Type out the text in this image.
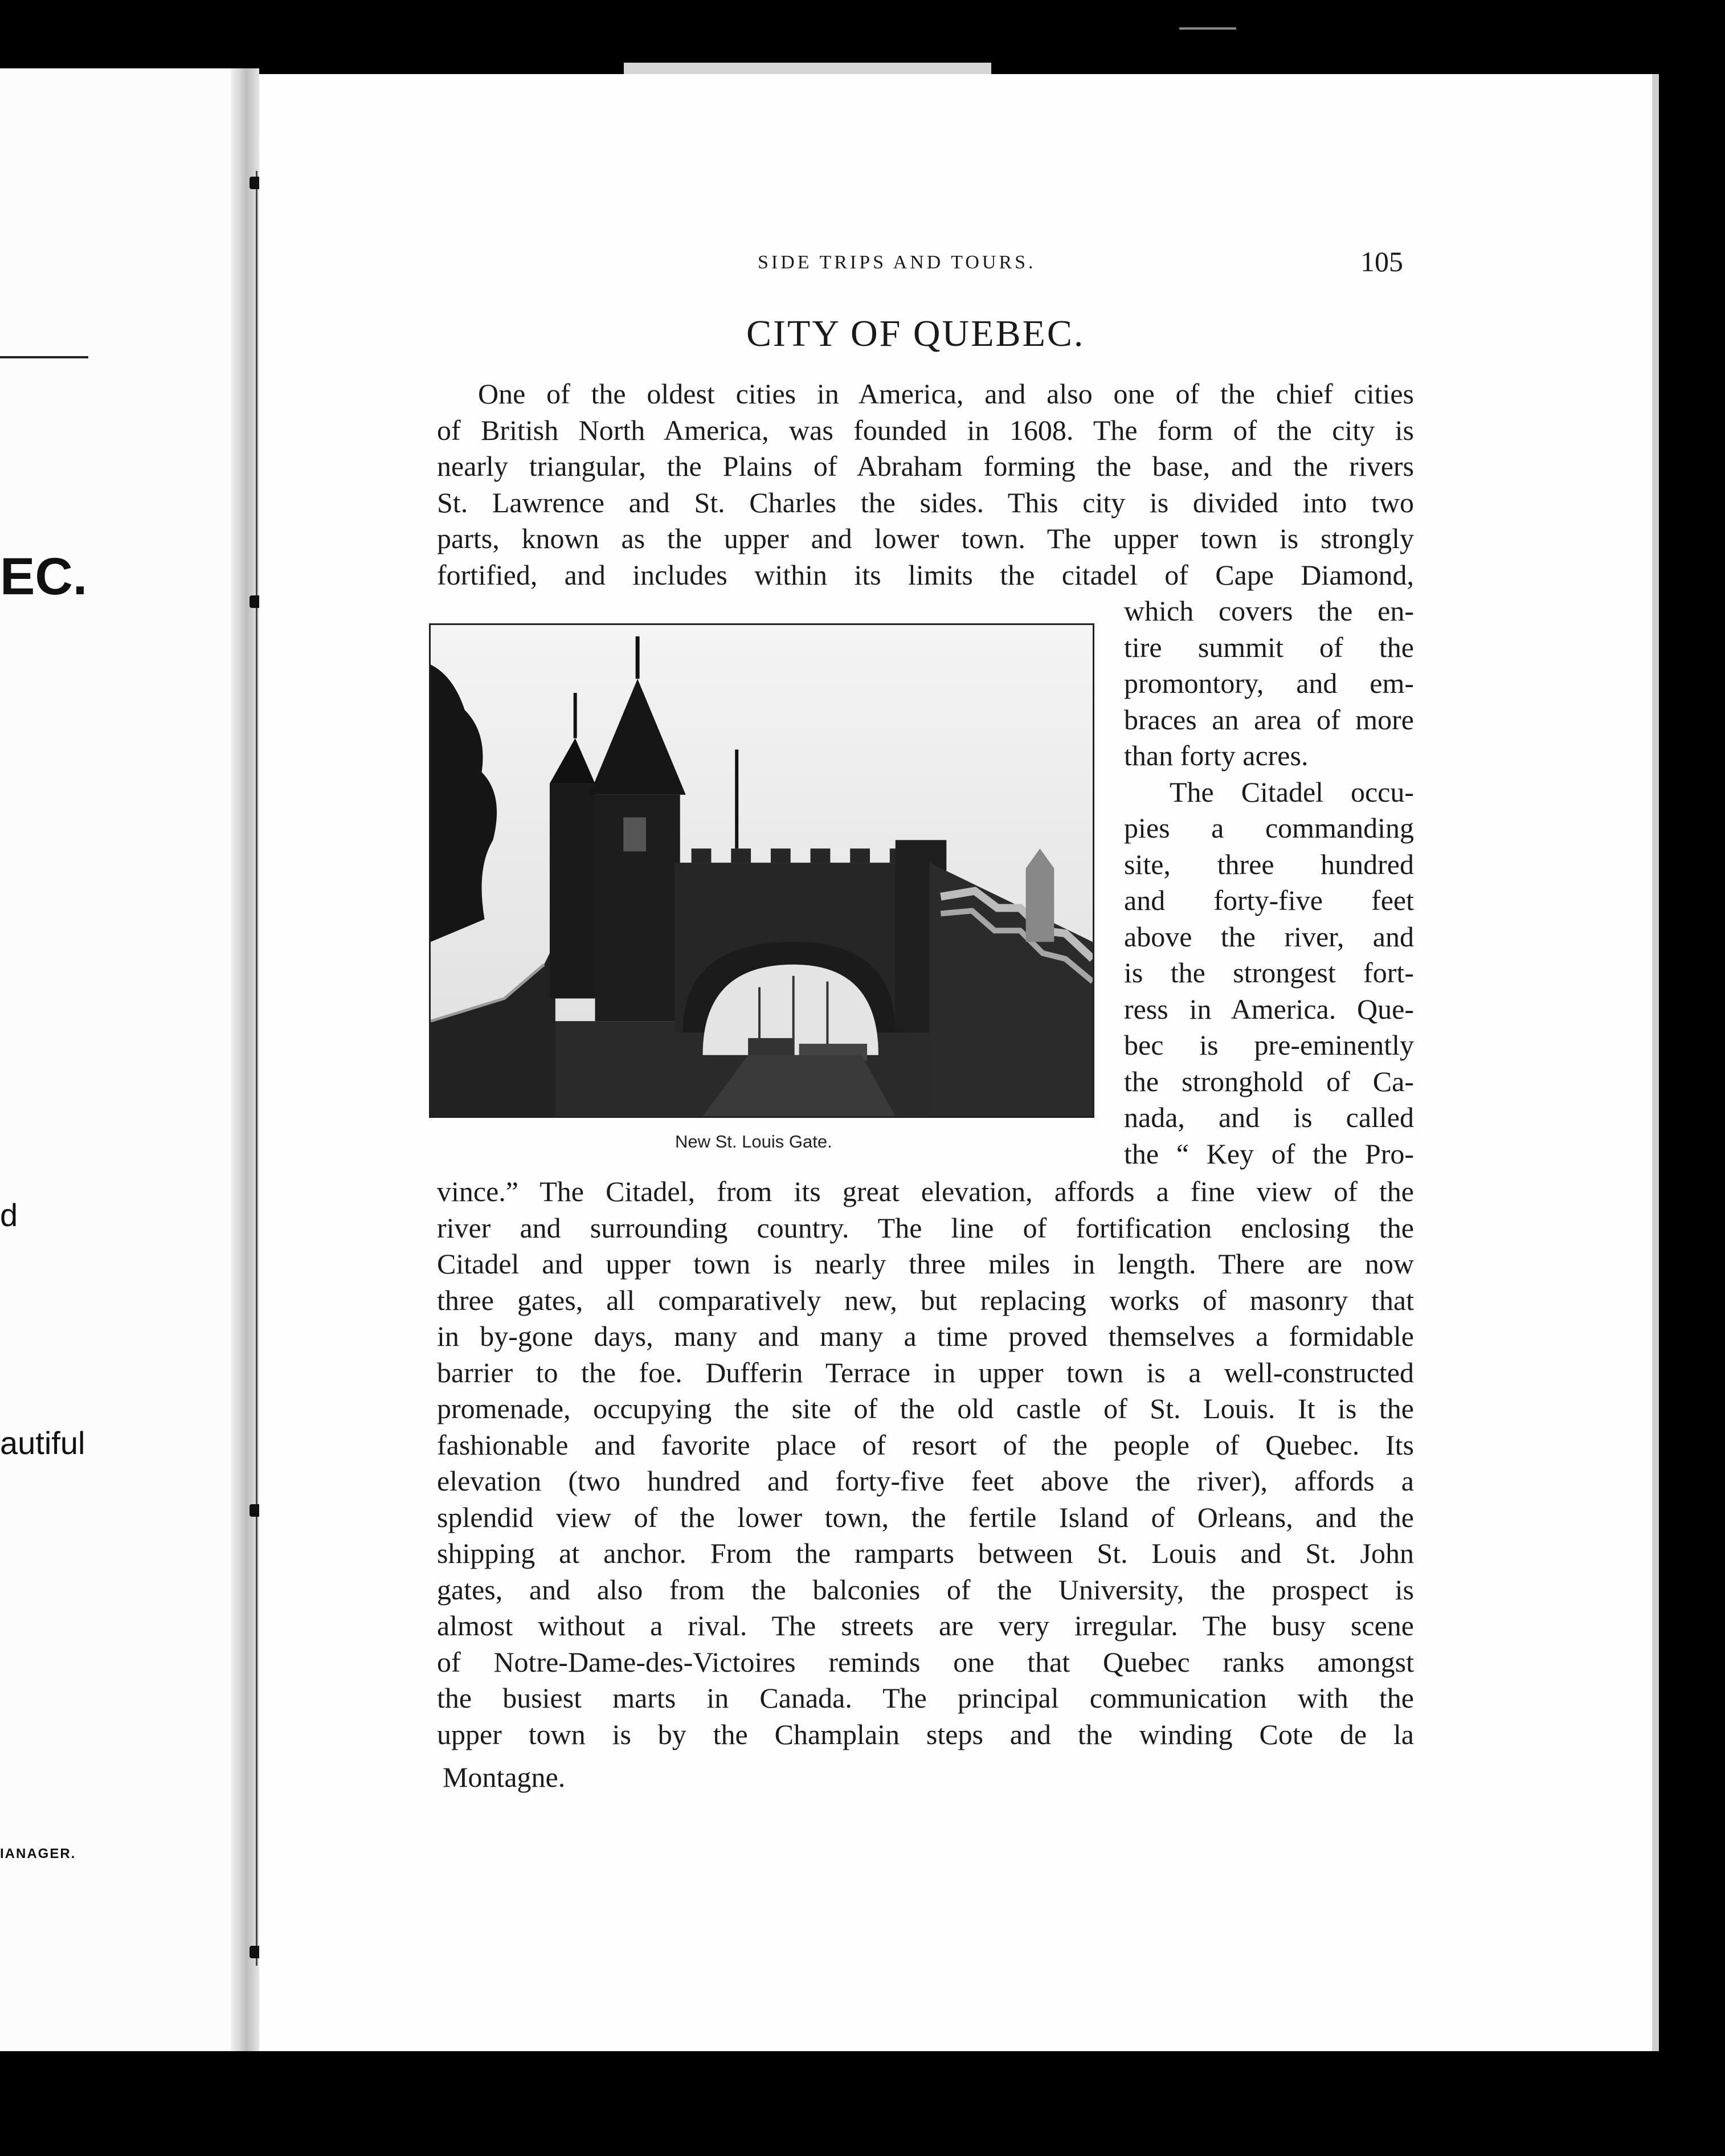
EC.
d
autiful
IANAGER.
SIDE TRIPS AND TOURS.	105
CITY OF QUEBEC.

One of the oldest cities in America, and also one of the chief cities
of British North America, was founded in 1608. The form of the city is
nearly triangular, the Plains of Abraham forming the base, and the rivers
St. Lawrence and St. Charles the sides. This city is divided into two
parts, known as the upper and lower town. The upper town is strongly
fortified, and includes within its limits the citadel of Cape Diamond,

New St. Louis Gate.

which covers the en-
tire summit of the
promontory, and em-
braces an area of more
than forty acres.
The Citadel occu-
pies a commanding
site, three hundred
and forty-five feet
above the river, and
is the strongest fort-
ress in America. Que-
bec is pre-eminently
the stronghold of Ca-
nada, and is called
the “ Key of the Pro-

vince.” The Citadel, from its great elevation, affords a fine view of the
river and surrounding country. The line of fortification enclosing the
Citadel and upper town is nearly three miles in length. There are now
three gates, all comparatively new, but replacing works of masonry that
in by-gone days, many and many a time proved themselves a formidable
barrier to the foe. Dufferin Terrace in upper town is a well-constructed
promenade, occupying the site of the old castle of St. Louis. It is the
fashionable and favorite place of resort of the people of Quebec. Its
elevation (two hundred and forty-five feet above the river), affords a
splendid view of the lower town, the fertile Island of Orleans, and the
shipping at anchor. From the ramparts between St. Louis and St. John
gates, and also from the balconies of the University, the prospect is
almost without a rival. The streets are very irregular. The busy scene
of Notre-Dame-des-Victoires reminds one that Quebec ranks amongst
the busiest marts in Canada. The principal communication with the
upper town is by the Champlain steps and the winding Cote de la

Montagne.
